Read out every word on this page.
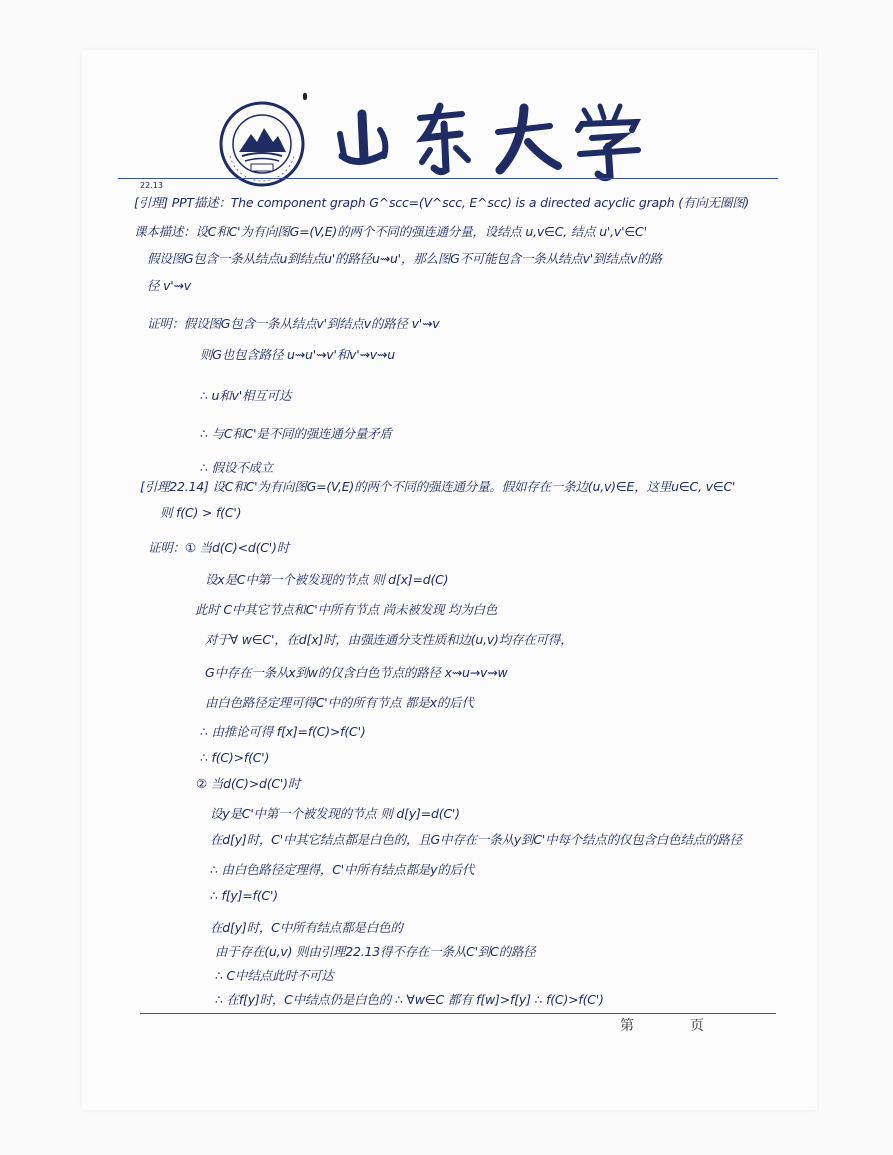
22.13
[引理] PPT描述：The component graph G^scc=(V^scc, E^scc) is a directed acyclic graph (有向无圈图)
课本描述：设C和C'为有向图G=(V,E)的两个不同的强连通分量，设结点 u,v∈C, 结点 u',v'∈C'
假设图G包含一条从结点u到结点u'的路径u⇝u'，那么图G不可能包含一条从结点v'到结点v的路
径 v'⇝v
证明：假设图G包含一条从结点v'到结点v的路径 v'⇝v
则G也包含路径 u⇝u'⇝v'和v'⇝v⇝u
∴ u和v'相互可达
∴ 与C和C'是不同的强连通分量矛盾
∴ 假设不成立
[引理22.14] 设C和C'为有向图G=(V,E)的两个不同的强连通分量。假如存在一条边(u,v)∈E，这里u∈C, v∈C'
则 f(C) > f(C')
证明：① 当d(C)<d(C')时
设x是C中第一个被发现的节点 则 d[x]=d(C)
此时 C中其它节点和C'中所有节点 尚未被发现 均为白色
对于∀ w∈C'，在d[x]时，由强连通分支性质和边(u,v)均存在可得，
G中存在一条从x到w的仅含白色节点的路径 x⇝u→v⇝w
由白色路径定理可得C'中的所有节点 都是x的后代
∴ 由推论可得 f[x]=f(C)>f(C')
∴ f(C)>f(C')
② 当d(C)>d(C')时
设y是C'中第一个被发现的节点 则 d[y]=d(C')
在d[y]时，C'中其它结点都是白色的，且G中存在一条从y到C'中每个结点的仅包含白色结点的路径
∴ 由白色路径定理得，C'中所有结点都是y的后代
∴ f[y]=f(C')
在d[y]时，C中所有结点都是白色的
由于存在(u,v) 则由引理22.13得不存在一条从C'到C的路径
∴ C中结点此时不可达
∴ 在f[y]时，C中结点仍是白色的 ∴ ∀w∈C 都有 f[w]>f[y] ∴ f(C)>f(C')
第	页
